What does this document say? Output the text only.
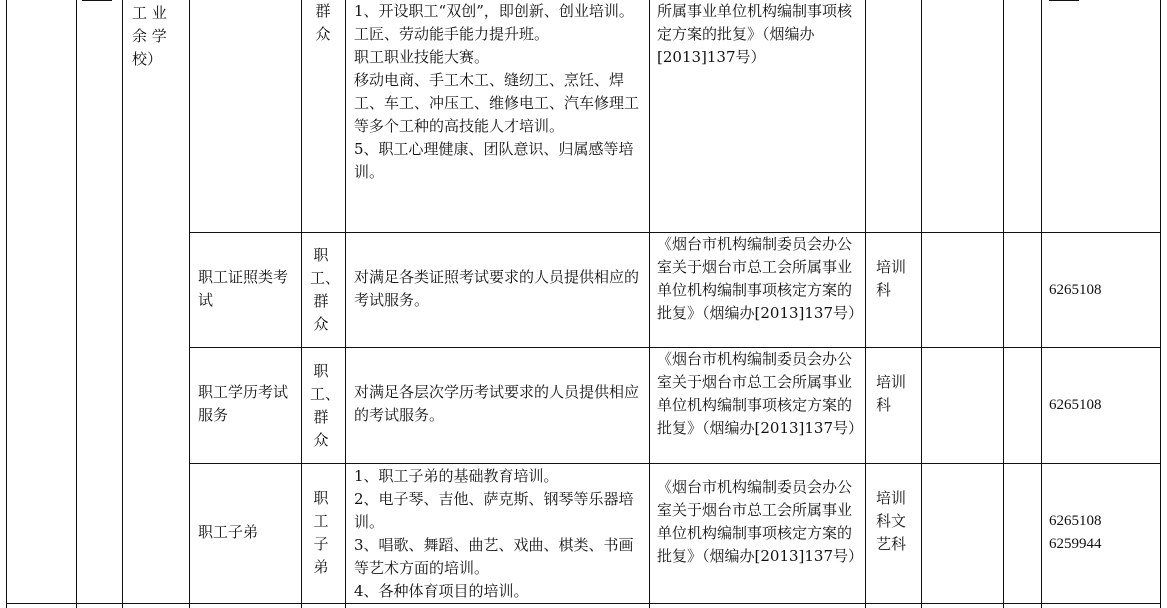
工 业 余 学 校）
群众
1、开设职工“双创”，即创新、创业培训。
工匠、劳动能手能力提升班。
职工职业技能大赛。
移动电商、手工木工、缝纫工、烹饪、焊工、车工、冲压工、维修电工、汽车修理工等多个工种的高技能人才培训。
5、职工心理健康、团队意识、归属感等培训。
所属事业单位机构编制事项核定方案的批复》（烟编办[2013]137号）
职工证照类考试
职工、群众
对满足各类证照考试要求的人员提供相应的考试服务。
《烟台市机构编制委员会办公室关于烟台市总工会所属事业单位机构编制事项核定方案的批复》（烟编办[2013]137号）
培训科	6265108
职工学历考试服务
职工、群众
对满足各层次学历考试要求的人员提供相应的考试服务。
《烟台市机构编制委员会办公室关于烟台市总工会所属事业单位机构编制事项核定方案的批复》（烟编办[2013]137号）
培训科	6265108
职工子弟
职工子弟
1、职工子弟的基础教育培训。
2、电子琴、吉他、萨克斯、钢琴等乐器培训。
3、唱歌、舞蹈、曲艺、戏曲、棋类、书画等艺术方面的培训。
4、各种体育项目的培训。
《烟台市机构编制委员会办公室关于烟台市总工会所属事业单位机构编制事项核定方案的批复》（烟编办[2013]137号）
培训科文艺科
6265108
6259944
